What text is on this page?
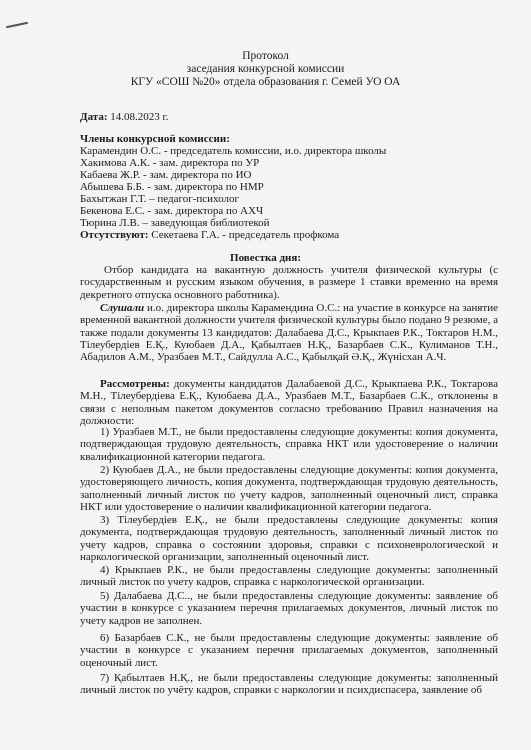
Протокол
заседания конкурсной комиссии
КГУ «СОШ №20» отдела образования г. Семей УО ОА
Дата: 14.08.2023 г.
Члены конкурсной комиссии:
Карамендин О.С. - председатель комиссии, и.о. директора школы
Хакимова А.К. - зам. директора по УР
Кабаева Ж.Р. - зам. директора по ИО
Абышева Б.Б. - зам. директора по НМР
Бахытжан Г.Т. – педагог-психолог
Бекенова Е.С. - зам. директора по АХЧ
Тюрина Л.В. – заведующая библиотекой
Отсутствуют: Секетаева Г.А. - председатель профкома
Повестка дня:
Отбор кандидата на вакантную должность учителя физической культуры (с государственным и русским языком обучения, в размере 1 ставки временно на время декретного отпуска основного работника).
Слушали и.о. директора школы Карамендина О.С.: на участие в конкурсе на занятие временной вакантной должности учителя физической культуры было подано 9 резюме, а также подали документы 13 кандидатов: Далабаева Д.С., Крыкпаев Р.К., Токтаров Н.М., Тілеубердіев Е.Қ., Куюбаев Д.А., Қабылтаев Н.Қ., Базарбаев С.К., Кулиманов Т.Н., Абадилов А.М., Уразбаев М.Т., Сайдулла А.С., Қабылқай Ә.Қ., Жүнісхан А.Ч.
Рассмотрены: документы кандидатов Далабаевой Д.С., Крыкпаева Р.К., Токтарова М.Н., Тілеубердіева Е.Қ., Куюбаева Д.А., Уразбаев М.Т., Базарбаев С.К., отклонены в связи с неполным пакетом документов согласно требованию Правил назначения на должности:
1) Уразбаев М.Т., не были предоставлены следующие документы: копия документа, подтверждающая трудовую деятельность, справка НКТ или удостоверение о наличии квалификационной категории педагога.
2) Куюбаев Д.А., не были предоставлены следующие документы: копия документа, удостоверяющего личность, копия документа, подтверждающая трудовую деятельность, заполненный личный листок по учету кадров, заполненный оценочный лист, справка НКТ или удостоверение о наличии квалификационной категории педагога.
3) Тілеубердіев Е.Қ., не были предоставлены следующие документы: копия документа, подтверждающая трудовую деятельность, заполненный личный листок по учету кадров, справка о состоянии здоровья, справки с психоневрологической и наркологической организации, заполненный оценочный лист.
4) Крыкпаев Р.К., не были предоставлены следующие документы: заполненный личный листок по учету кадров, справка с наркологической организации.
5) Далабаева Д.С.., не были предоставлены следующие документы: заявление об участии в конкурсе с указанием перечня прилагаемых документов, личный листок по учету кадров не заполнен.
6) Базарбаев С.К., не были предоставлены следующие документы: заявление об участии в конкурсе с указанием перечня прилагаемых документов, заполненный оценочный лист.
7) Қабылтаев Н.Қ., не были предоставлены следующие документы: заполненный личный листок по учёту кадров, справки с наркологии и психдиспасера, заявление об
